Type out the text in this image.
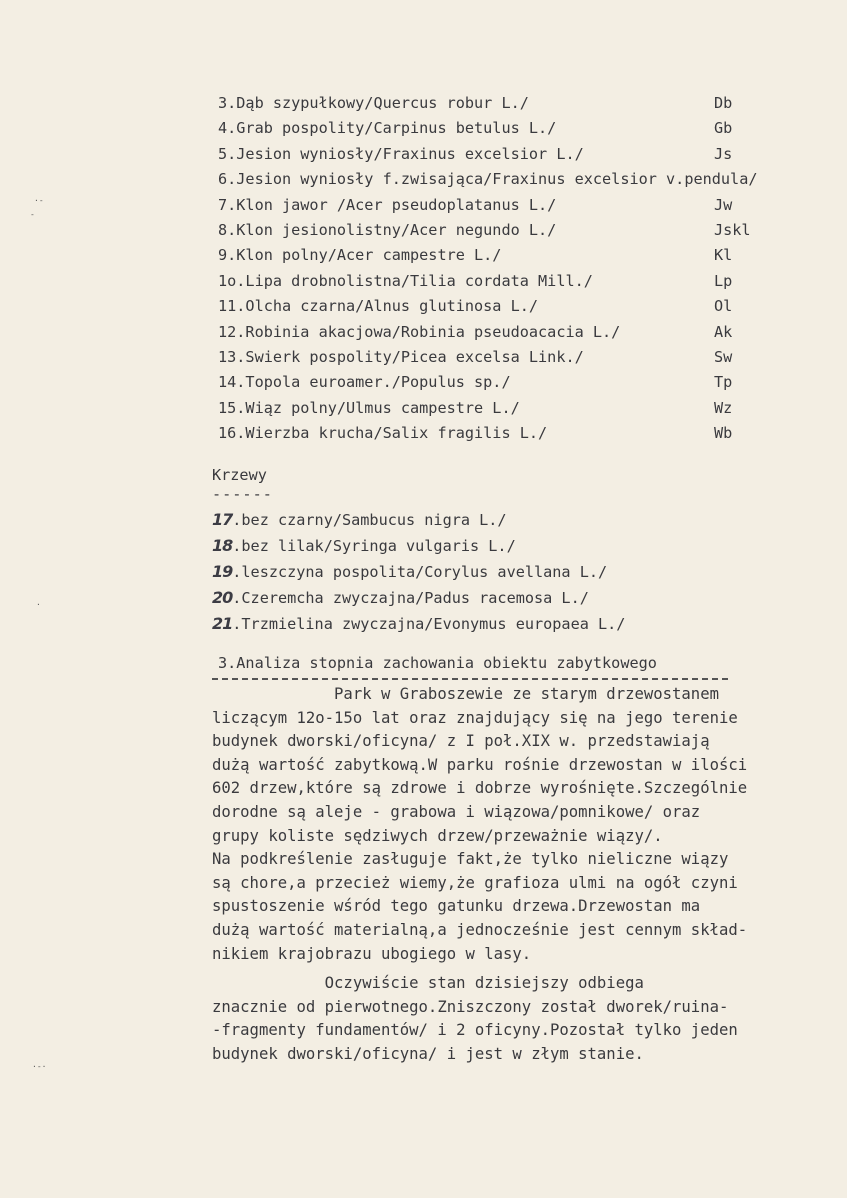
3.Dąb szypułkowy/Quercus robur L./	Db
4.Grab pospolity/Carpinus betulus L./	Gb
5.Jesion wyniosły/Fraxinus excelsior L./	Js
6.Jesion wyniosły f.zwisająca/Fraxinus excelsior v.pendula/
7.Klon jawor /Acer pseudoplatanus L./	Jw
8.Klon jesionolistny/Acer negundo L./	Jskl
9.Klon polny/Acer campestre L./	Kl
1o.Lipa drobnolistna/Tilia cordata Mill./	Lp
11.Olcha czarna/Alnus glutinosa L./	Ol
12.Robinia akacjowa/Robinia pseudoacacia L./	Ak
13.Swierk pospolity/Picea excelsa Link./	Sw
14.Topola euroamer./Populus sp./	Tp
15.Wiąz polny/Ulmus campestre L./	Wz
16.Wierzba krucha/Salix fragilis L./	Wb
Krzewy
------
17.bez czarny/Sambucus nigra L./
18.bez lilak/Syringa vulgaris L./
19.leszczyna pospolita/Corylus avellana L./
20.Czeremcha zwyczajna/Padus racemosa L./
21.Trzmielina zwyczajna/Evonymus europaea L./
3.Analiza stopnia zachowania obiektu zabytkowego
Park w Graboszewie ze starym drzewostanem
liczącym 12o-15o lat oraz znajdujący się na jego terenie
budynek dworski/oficyna/ z I poł.XIX w. przedstawiają
dużą wartość zabytkową.W parku rośnie drzewostan w ilości
602 drzew,które są zdrowe i dobrze wyrośnięte.Szczególnie
dorodne są aleje - grabowa i wiązowa/pomnikowe/ oraz
grupy koliste sędziwych drzew/przeważnie wiązy/.
Na podkreślenie zasługuje fakt,że tylko nieliczne wiązy
są chore,a przecież wiemy,że grafioza ulmi na ogół czyni
spustoszenie wśród tego gatunku drzewa.Drzewostan ma
dużą wartość materialną,a jednocześnie jest cennym skład-
nikiem krajobrazu ubogiego w lasy.
Oczywiście stan dzisiejszy odbiega
znacznie od pierwotnego.Zniszczony został dworek/ruina-
-fragmenty fundamentów/ i 2 oficyny.Pozostał tylko jeden
budynek dworski/oficyna/ i jest w złym stanie.
·-
-
·
·-·
